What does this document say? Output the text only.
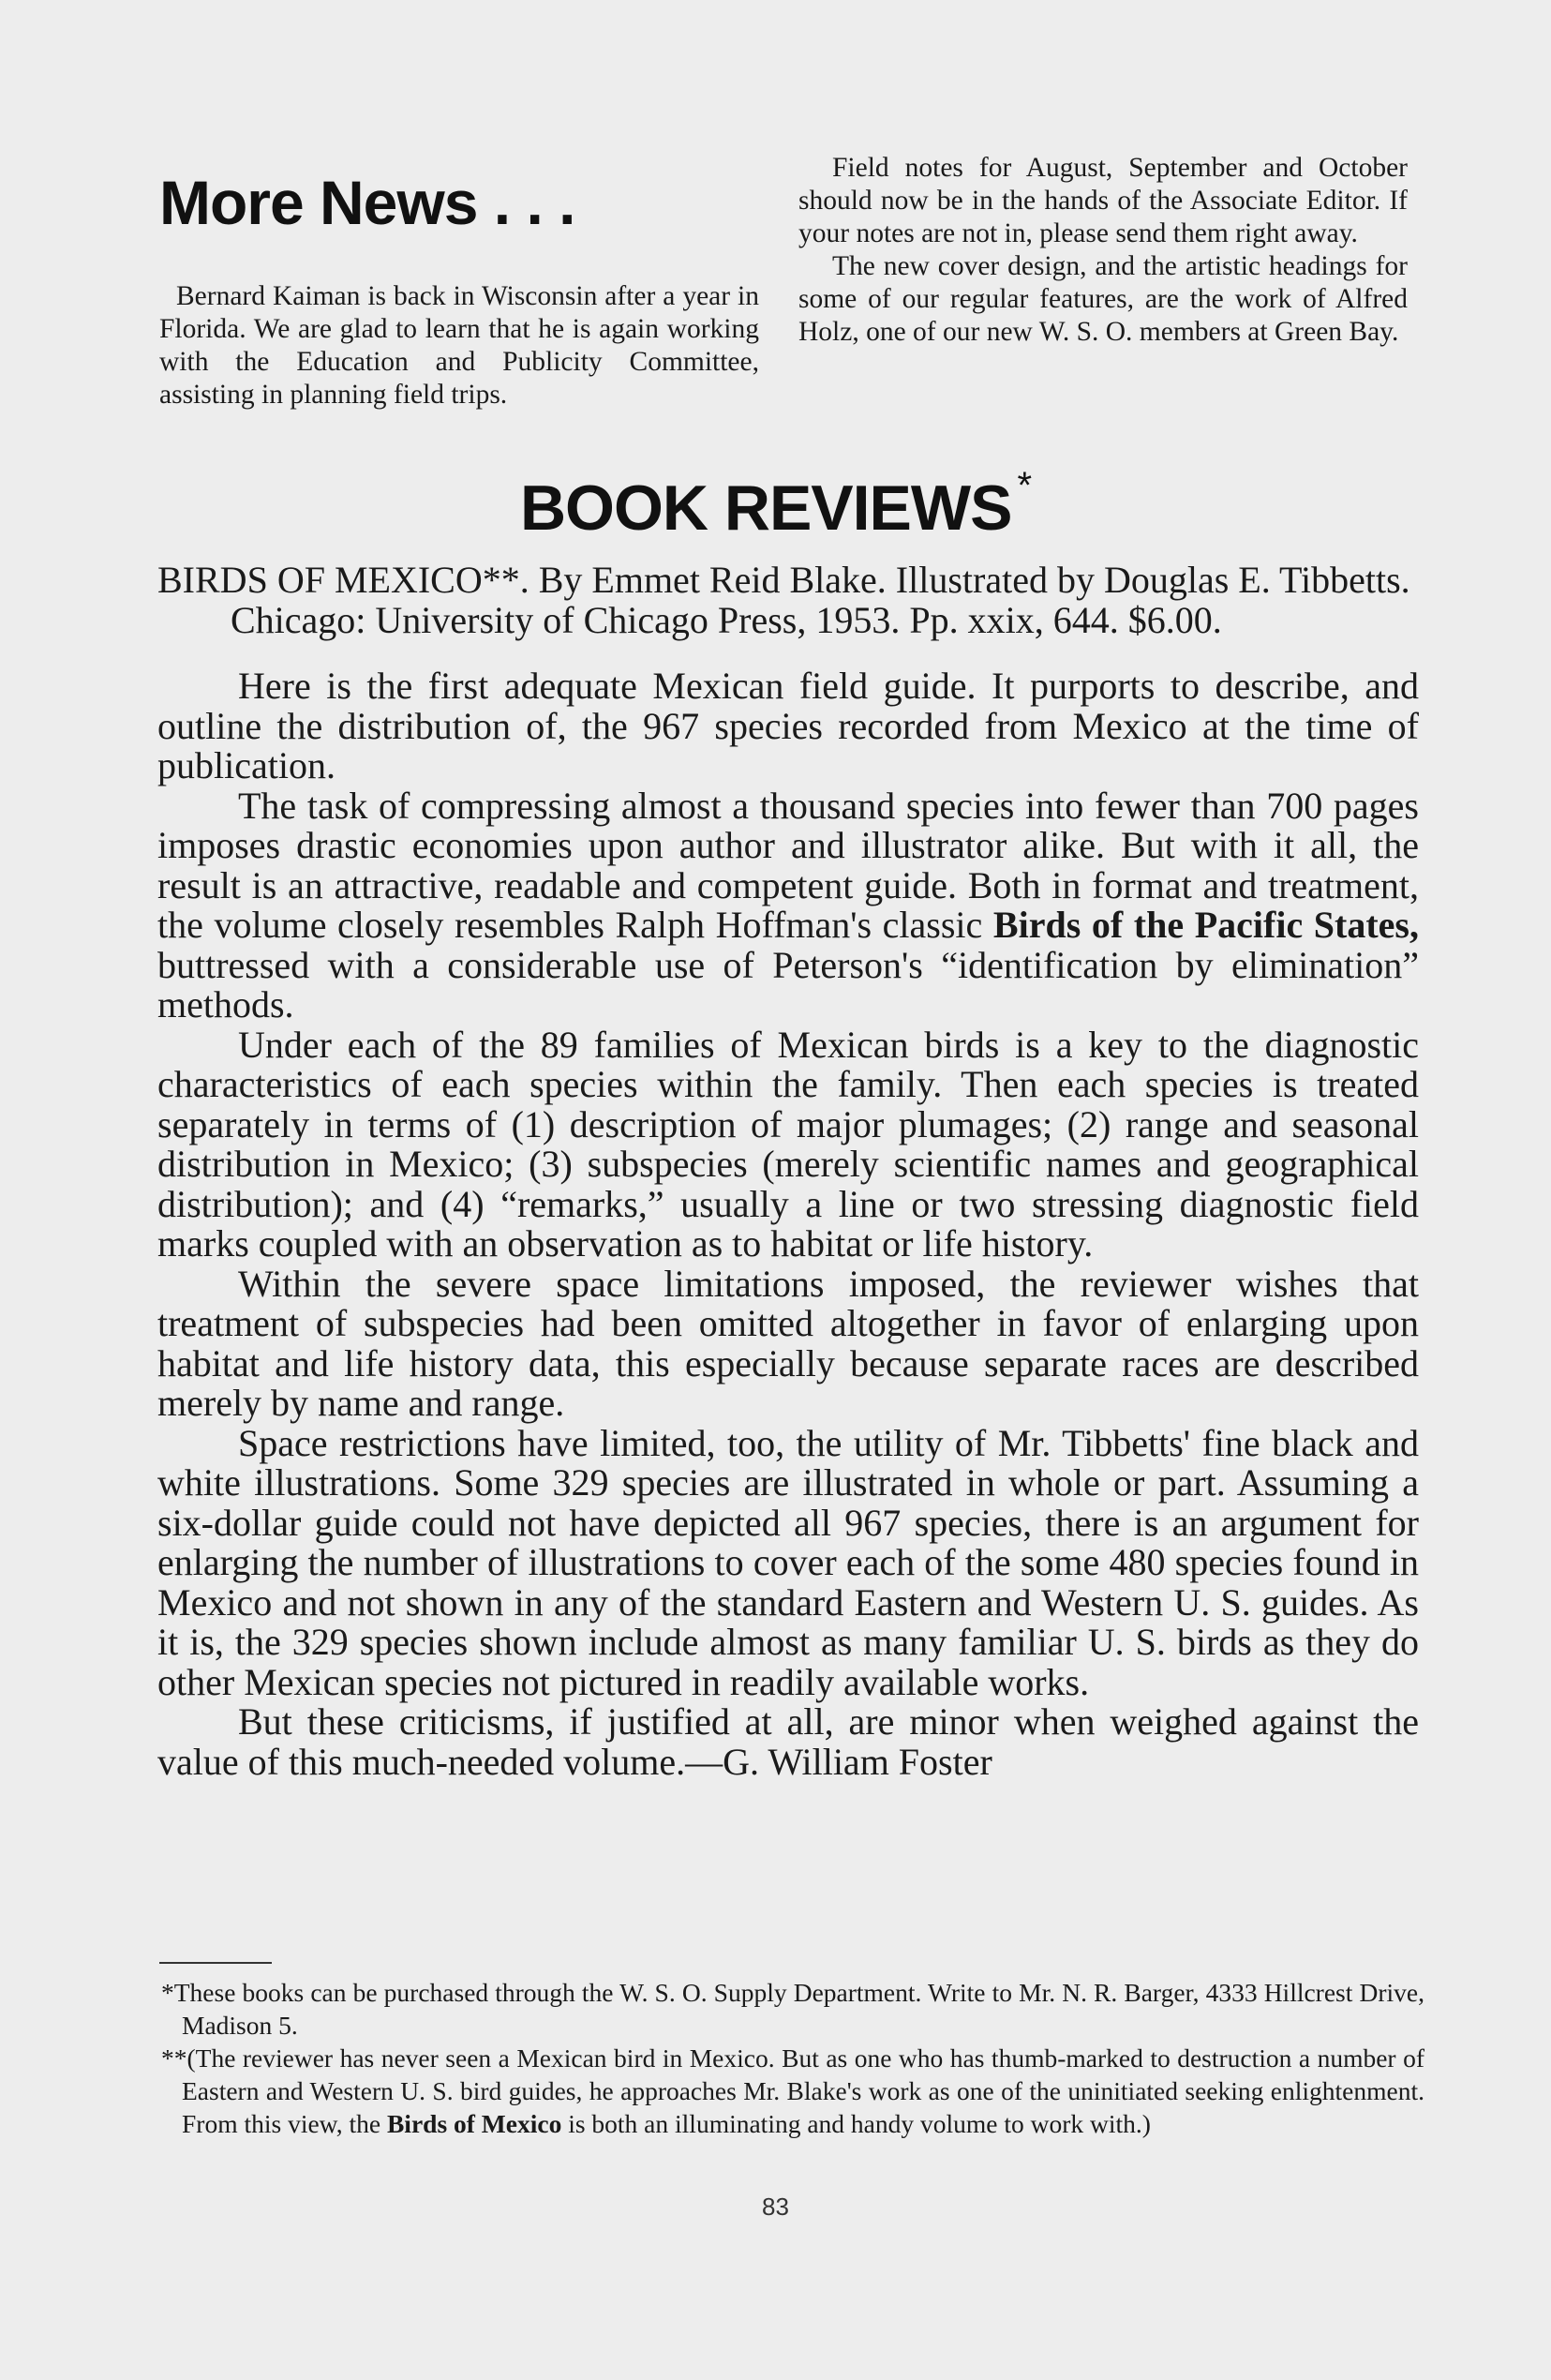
More News . . .

Bernard Kaiman is back in Wisconsin after a year in Florida. We are glad to learn that he is again working with the Education and Publicity Committee, assisting in planning field trips.

Field notes for August, September and October should now be in the hands of the Associate Editor. If your notes are not in, please send them right away.

The new cover design, and the artistic headings for some of our regular features, are the work of Alfred Holz, one of our new W. S. O. members at Green Bay.

BOOK REVIEWS *

BIRDS OF MEXICO**. By Emmet Reid Blake. Illustrated by Douglas E. Tibbetts. Chicago: University of Chicago Press, 1953. Pp. xxix, 644. $6.00.

Here is the first adequate Mexican field guide. It purports to describe, and outline the distribution of, the 967 species recorded from Mexico at the time of publication.

The task of compressing almost a thousand species into fewer than 700 pages imposes drastic economies upon author and illustrator alike. But with it all, the result is an attractive, readable and competent guide. Both in format and treatment, the volume closely resembles Ralph Hoffman's classic Birds of the Pacific States, buttressed with a considerable use of Peterson's “identification by elimination” methods.

Under each of the 89 families of Mexican birds is a key to the diagnostic characteristics of each species within the family. Then each species is treated separately in terms of (1) description of major plumages; (2) range and seasonal distribution in Mexico; (3) subspecies (merely scientific names and geographical distribution); and (4) “remarks,” usually a line or two stressing diagnostic field marks coupled with an observation as to habitat or life history.

Within the severe space limitations imposed, the reviewer wishes that treatment of subspecies had been omitted altogether in favor of enlarging upon habitat and life history data, this especially because separate races are described merely by name and range.

Space restrictions have limited, too, the utility of Mr. Tibbetts' fine black and white illustrations. Some 329 species are illustrated in whole or part. Assuming a six-dollar guide could not have depicted all 967 species, there is an argument for enlarging the number of illustrations to cover each of the some 480 species found in Mexico and not shown in any of the standard Eastern and Western U. S. guides. As it is, the 329 species shown include almost as many familiar U. S. birds as they do other Mexican species not pictured in readily available works.

But these criticisms, if justified at all, are minor when weighed against the value of this much-needed volume.—G. William Foster

*These books can be purchased through the W. S. O. Supply Department. Write to Mr. N. R. Barger, 4333 Hillcrest Drive, Madison 5.

**(The reviewer has never seen a Mexican bird in Mexico. But as one who has thumb-marked to destruction a number of Eastern and Western U. S. bird guides, he approaches Mr. Blake's work as one of the uninitiated seeking enlightenment. From this view, the Birds of Mexico is both an illuminating and handy volume to work with.)

83
